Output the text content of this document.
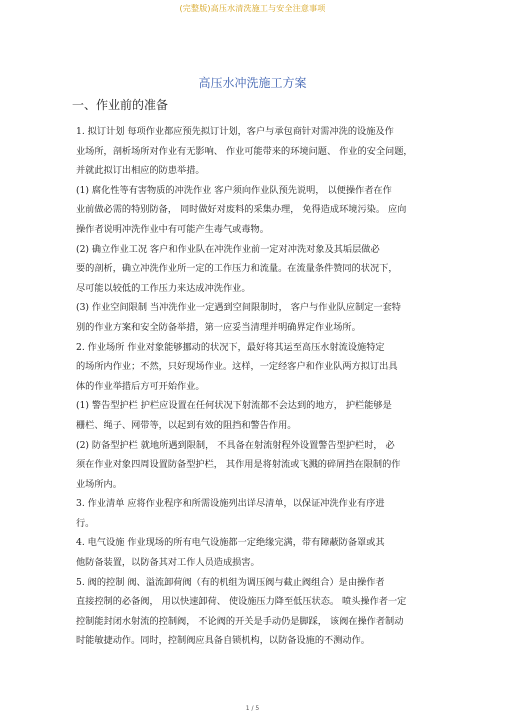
(完整版)高压水清洗施工与安全注意事项
高压水冲洗施工方案
一、作业前的准备
1. 拟订计划 每项作业都应预先拟订计划，客户与承包商针对需冲洗的设施及作
业场所，剖析场所对作业有无影响、 作业可能带来的环境问题、 作业的安全问题，
并就此拟订出相应的防患举措。
(1) 腐化性等有害物质的冲洗作业 客户须向作业队预先说明， 以便操作者在作
业前做必需的特别防备， 同时做好对废料的采集办理， 免得造成环境污染。 应向
操作者说明冲洗作业中有可能产生毒气或毒物。
(2) 确立作业工况 客户和作业队在冲洗作业前一定对冲洗对象及其垢层做必
要的剖析，确立冲洗作业所一定的工作压力和流量。在流量条件赞同的状况下，
尽可能以较低的工作压力来达成冲洗作业。
(3) 作业空间限制 当冲洗作业一定遇到空间限制时， 客户与作业队应制定一套特
别的作业方案和安全防备举措，第一应妥当清理并明确界定作业场所。
2. 作业场所 作业对象能够挪动的状况下，最好将其运至高压水射流设施特定
的场所内作业；不然，只好现场作业。这样，一定经客户和作业队两方拟订出具
体的作业举措后方可开始作业。
(1) 警告型护栏 护栏应设置在任何状况下射流都不会达到的地方， 护栏能够是
栅栏、绳子、网带等，以起到有效的阻挡和警告作用。
(2) 防备型护栏 就地所遇到限制， 不具备在射流射程外设置警告型护栏时， 必
须在作业对象四周设置防备型护栏， 其作用是将射流或飞溅的碎屑挡在限制的作
业场所内。
3. 作业清单 应将作业程序和所需设施列出详尽清单，以保证冲洗作业有序进
行。
4. 电气设施 作业现场的所有电气设施都一定绝缘完满，带有障蔽防备罩或其
他防备装置，以防备其对工作人员造成损害。
5. 阀的控制 阀、溢流卸荷阀（有的机组为调压阀与截止阀组合）是由操作者
直接控制的必备阀， 用以快速卸荷、 使设施压力降至低压状态。 喷头操作者一定
控制能封闭水射流的控制阀， 不论阀的开关是手动仍是脚踩， 该阀在操作者制动
时能敏捷动作。同时，控制阀应具备自锁机构，以防备设施的不测动作。
1 / 5
